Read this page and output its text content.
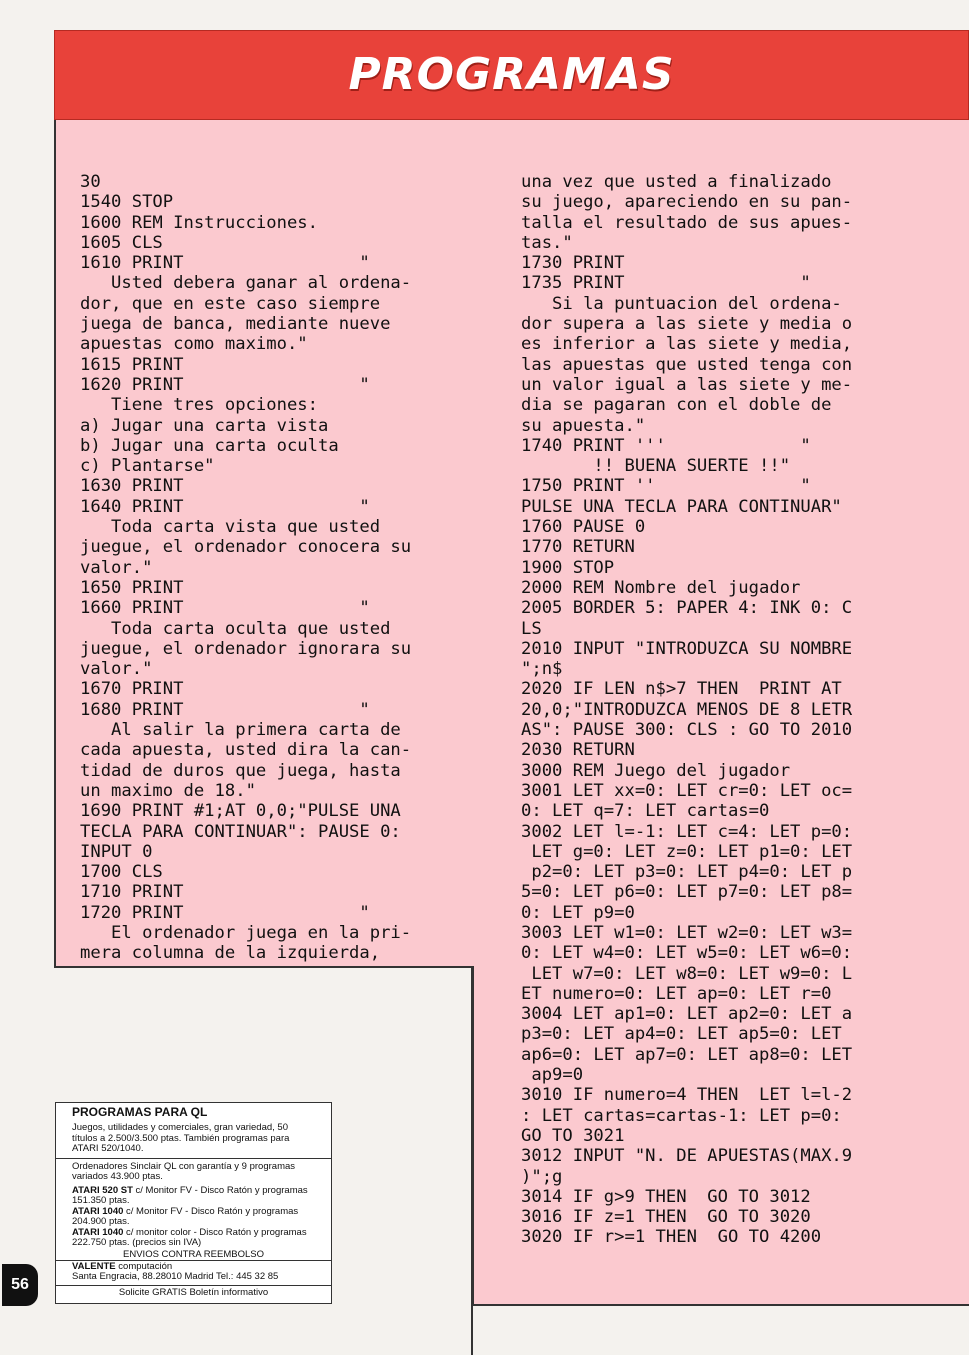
PROGRAMAS
30
1540 STOP
1600 REM Instrucciones.
1605 CLS
1610 PRINT                 "
Usted debera ganar al ordena-
dor, que en este caso siempre
juega de banca, mediante nueve
apuestas como maximo."
1615 PRINT
1620 PRINT                 "
Tiene tres opciones:
a) Jugar una carta vista
b) Jugar una carta oculta
c) Plantarse"
1630 PRINT
1640 PRINT                 "
Toda carta vista que usted
juegue, el ordenador conocera su
valor."
1650 PRINT
1660 PRINT                 "
Toda carta oculta que usted
juegue, el ordenador ignorara su
valor."
1670 PRINT
1680 PRINT                 "
Al salir la primera carta de
cada apuesta, usted dira la can-
tidad de duros que juega, hasta
un maximo de 18."
1690 PRINT #1;AT 0,0;"PULSE UNA
TECLA PARA CONTINUAR": PAUSE 0:
INPUT 0
1700 CLS
1710 PRINT
1720 PRINT                 "
El ordenador juega en la pri-
mera columna de la izquierda,
una vez que usted a finalizado
su juego, apareciendo en su pan-
talla el resultado de sus apues-
tas."
1730 PRINT
1735 PRINT                 "
Si la puntuacion del ordena-
dor supera a las siete y media o
es inferior a las siete y media,
las apuestas que usted tenga con
un valor igual a las siete y me-
dia se pagaran con el doble de
su apuesta."
1740 PRINT '''             "
!! BUENA SUERTE !!"
1750 PRINT ''              "
PULSE UNA TECLA PARA CONTINUAR"
1760 PAUSE 0
1770 RETURN
1900 STOP
2000 REM Nombre del jugador
2005 BORDER 5: PAPER 4: INK 0: C
LS
2010 INPUT "INTRODUZCA SU NOMBRE
";n$
2020 IF LEN n$>7 THEN  PRINT AT
20,0;"INTRODUZCA MENOS DE 8 LETR
AS": PAUSE 300: CLS : GO TO 2010
2030 RETURN
3000 REM Juego del jugador
3001 LET xx=0: LET cr=0: LET oc=
0: LET q=7: LET cartas=0
3002 LET l=-1: LET c=4: LET p=0:
LET g=0: LET z=0: LET p1=0: LET
p2=0: LET p3=0: LET p4=0: LET p
5=0: LET p6=0: LET p7=0: LET p8=
0: LET p9=0
3003 LET w1=0: LET w2=0: LET w3=
0: LET w4=0: LET w5=0: LET w6=0:
LET w7=0: LET w8=0: LET w9=0: L
ET numero=0: LET ap=0: LET r=0
3004 LET ap1=0: LET ap2=0: LET a
p3=0: LET ap4=0: LET ap5=0: LET
ap6=0: LET ap7=0: LET ap8=0: LET
ap9=0
3010 IF numero=4 THEN  LET l=l-2
: LET cartas=cartas-1: LET p=0:
GO TO 3021
3012 INPUT "N. DE APUESTAS(MAX.9
)";g
3014 IF g>9 THEN  GO TO 3012
3016 IF z=1 THEN  GO TO 3020
3020 IF r>=1 THEN  GO TO 4200
PROGRAMAS PARA QL
Juegos, utilidades y comerciales, gran variedad, 50 títulos a 2.500/3.500 ptas. También programas para ATARI 520/1040.
Ordenadores Sinclair QL con garantía y 9 programas variados 43.900 ptas.
ATARI 520 ST c/ Monitor FV - Disco Ratón y programas 151.350 ptas.
ATARI 1040 c/ Monitor FV - Disco Ratón y programas 204.900 ptas.
ATARI 1040 c/ monitor color - Disco Ratón y programas 222.750 ptas. (precios sin IVA)
ENVIOS CONTRA REEMBOLSO
VALENTE computación
Santa Engracia, 88.28010 Madrid Tel.: 445 32 85
Solicite GRATIS Boletín informativo
56
